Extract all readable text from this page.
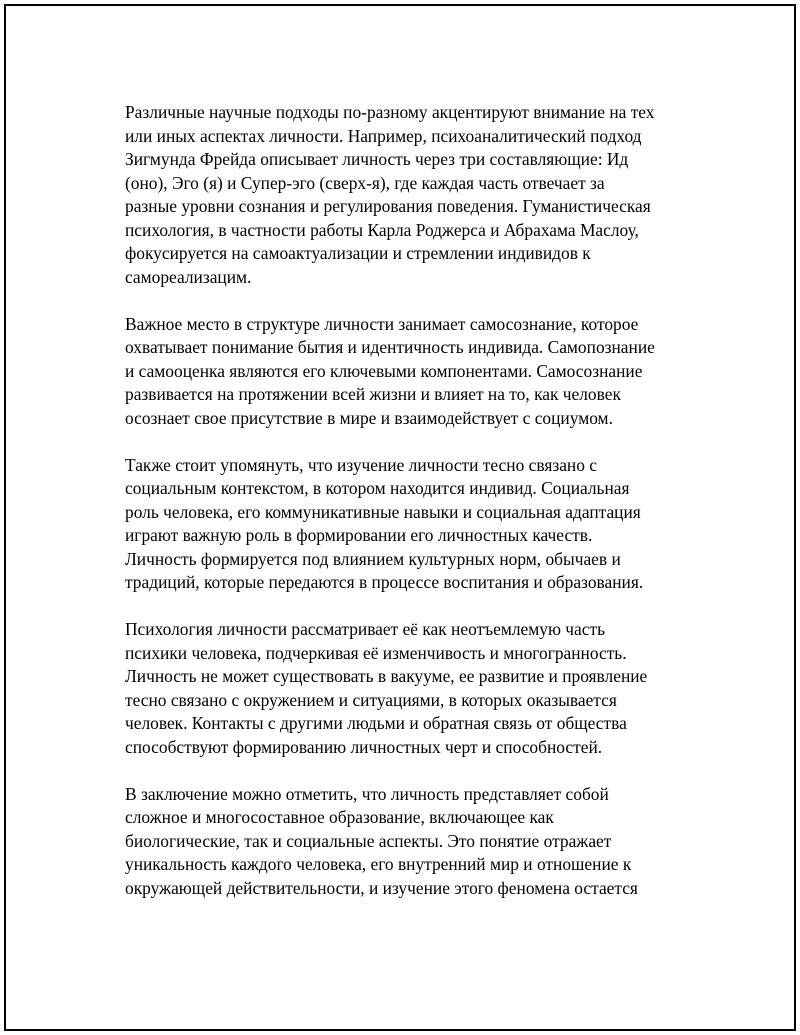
Различные научные подходы по-разному акцентируют внимание на тех
или иных аспектах личности. Например, психоаналитический подход
Зигмунда Фрейда описывает личность через три составляющие: Ид
(оно), Эго (я) и Супер-эго (сверх-я), где каждая часть отвечает за
разные уровни сознания и регулирования поведения. Гуманистическая
психология, в частности работы Карла Роджерса и Абрахама Маслоу,
фокусируется на самоактуализации и стремлении индивидов к
самореализацим.

Важное место в структуре личности занимает самосознание, которое
охватывает понимание бытия и идентичность индивида. Самопознание
и самооценка являются его ключевыми компонентами. Самосознание
развивается на протяжении всей жизни и влияет на то, как человек
осознает свое присутствие в мире и взаимодействует с социумом.

Также стоит упомянуть, что изучение личности тесно связано с
социальным контекстом, в котором находится индивид. Социальная
роль человека, его коммуникативные навыки и социальная адаптация
играют важную роль в формировании его личностных качеств.
Личность формируется под влиянием культурных норм, обычаев и
традиций, которые передаются в процессе воспитания и образования.

Психология личности рассматривает её как неотъемлемую часть
психики человека, подчеркивая её изменчивость и многогранность.
Личность не может существовать в вакууме, ее развитие и проявление
тесно связано с окружением и ситуациями, в которых оказывается
человек. Контакты с другими людьми и обратная связь от общества
способствуют формированию личностных черт и способностей.

В заключение можно отметить, что личность представляет собой
сложное и многосоставное образование, включающее как
биологические, так и социальные аспекты. Это понятие отражает
уникальность каждого человека, его внутренний мир и отношение к
окружающей действительности, и изучение этого феномена остается
